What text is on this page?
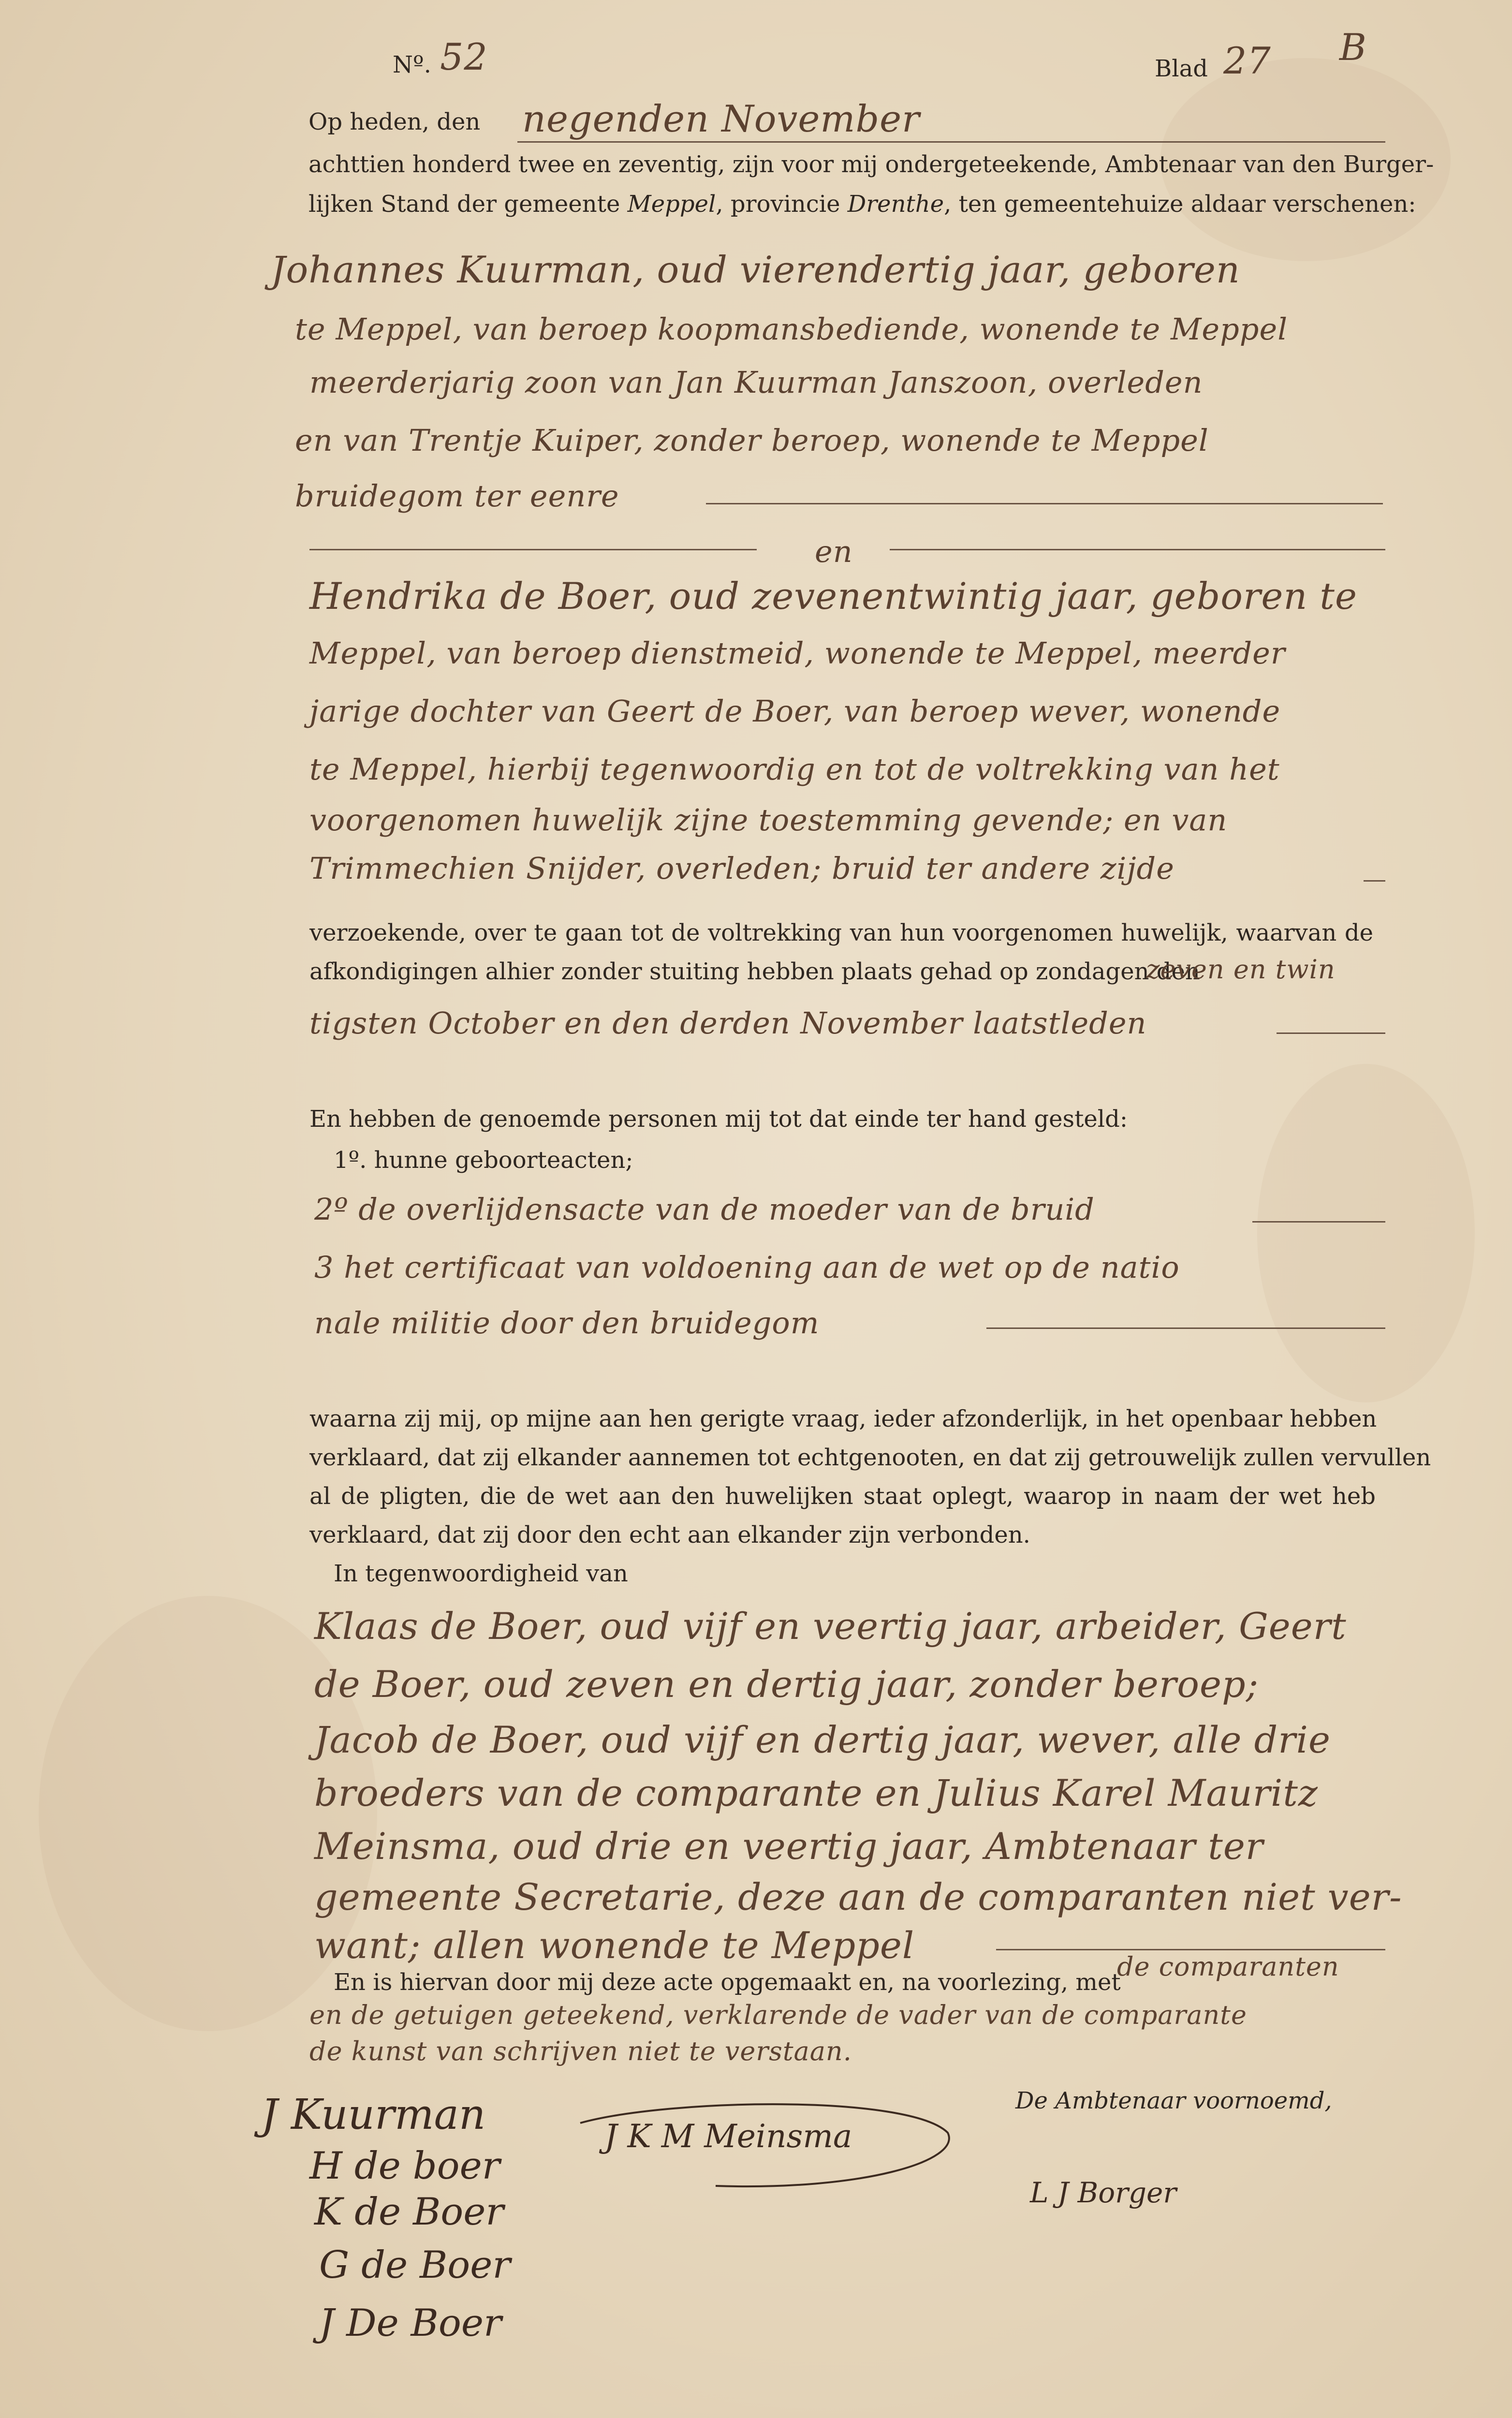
Nº. 52	Blad 27 B
Op heden, den negenden November
achttien honderd twee en zeventig, zijn voor mij ondergeteekende, Ambtenaar van den Burger-
lijken Stand der gemeente Meppel, provincie Drenthe, ten gemeentehuize aldaar verschenen:
Johannes Kuurman, oud vierendertig jaar, geboren
te Meppel, van beroep koopmansbediende, wonende te Meppel
meerderjarig zoon van Jan Kuurman Janszoon, overleden
en van Trentje Kuiper, zonder beroep, wonende te Meppel
bruidegom ter eenre
en
Hendrika de Boer, oud zevenentwintig jaar, geboren te
Meppel, van beroep dienstmeid, wonende te Meppel, meerder
jarige dochter van Geert de Boer, van beroep wever, wonende
te Meppel, hierbij tegenwoordig en tot de voltrekking van het
voorgenomen huwelijk zijne toestemming gevende; en van
Trimmechien Snijder, overleden; bruid ter andere zijde
verzoekende, over te gaan tot de voltrekking van hun voorgenomen huwelijk, waarvan de
afkondigingen alhier zonder stuiting hebben plaats gehad op zondagen den
zeven en twin
tigsten October en den derden November laatstleden
En hebben de genoemde personen mij tot dat einde ter hand gesteld:
1º. hunne geboorteacten;
2º de overlijdensacte van de moeder van de bruid
3 het certificaat van voldoening aan de wet op de natio
nale militie door den bruidegom
waarna zij mij, op mijne aan hen gerigte vraag, ieder afzonderlijk, in het openbaar hebben
verklaard, dat zij elkander aannemen tot echtgenooten, en dat zij getrouwelijk zullen vervullen
al de pligten, die de wet aan den huwelijken staat oplegt, waarop in naam der wet heb
verklaard, dat zij door den echt aan elkander zijn verbonden.
In tegenwoordigheid van
Klaas de Boer, oud vijf en veertig jaar, arbeider, Geert
de Boer, oud zeven en dertig jaar, zonder beroep;
Jacob de Boer, oud vijf en dertig jaar, wever, alle drie
broeders van de comparante en Julius Karel Mauritz
Meinsma, oud drie en veertig jaar, Ambtenaar ter
gemeente Secretarie, deze aan de comparanten niet ver-
want; allen wonende te Meppel
En is hiervan door mij deze acte opgemaakt en, na voorlezing, met
de comparanten
en de getuigen geteekend, verklarende de vader van de comparante
de kunst van schrijven niet te verstaan.
De Ambtenaar voornoemd,
J Kuurman
H de boer
K de Boer
G de Boer
J De Boer
J K M Meinsma
L J Borger
